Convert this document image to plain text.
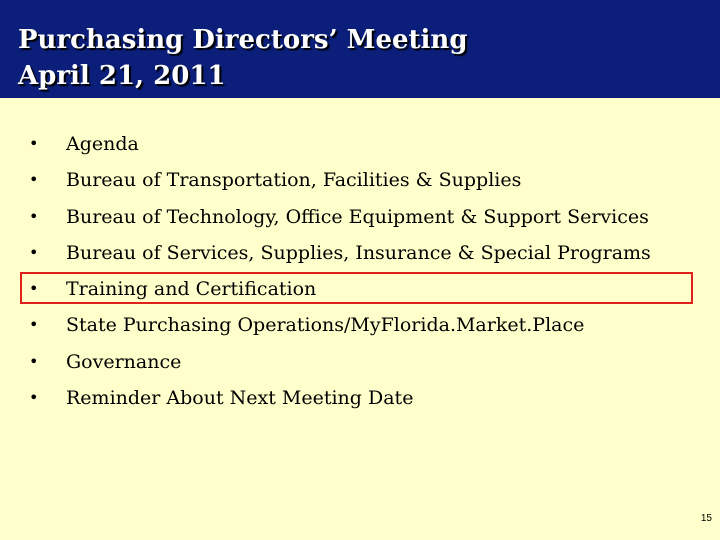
Purchasing Directors’ Meeting
April 21, 2011
• Agenda
• Bureau of Transportation, Facilities & Supplies
• Bureau of Technology, Office Equipment & Support Services
• Bureau of Services, Supplies, Insurance & Special Programs
• Training and Certification
• State Purchasing Operations/MyFlorida.Market.Place
• Governance
• Reminder About Next Meeting Date
15
